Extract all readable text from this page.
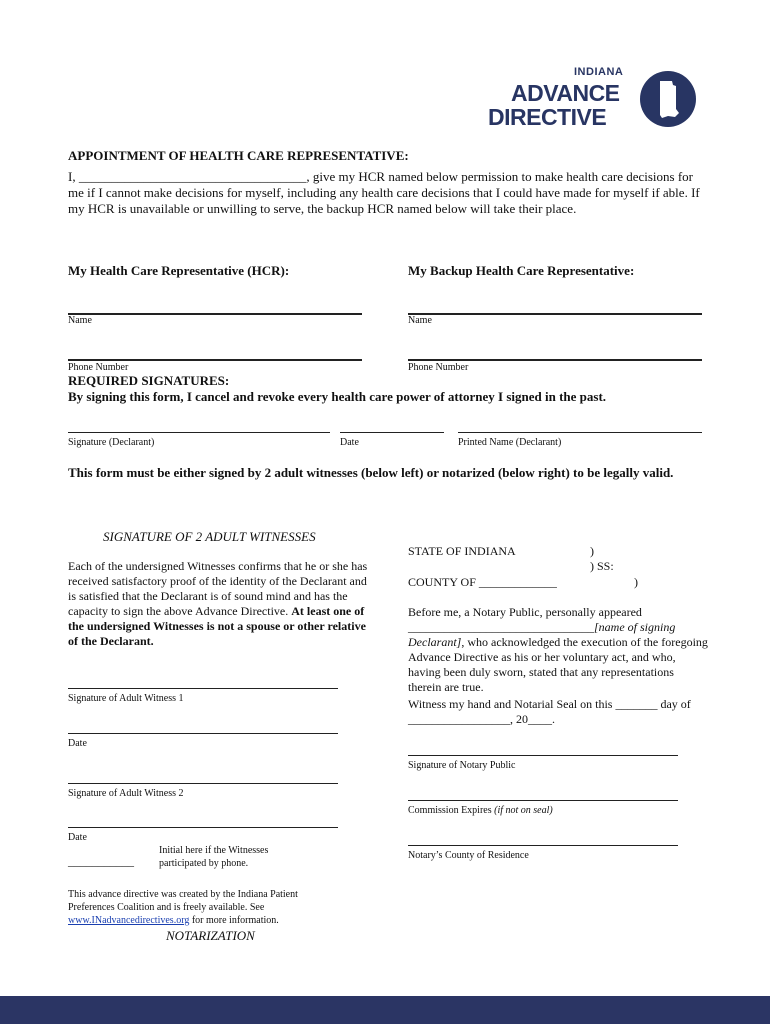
INDIANA
ADVANCE
DIRECTIVE
APPOINTMENT OF HEALTH CARE REPRESENTATIVE:
I, ___________________________________, give my HCR named below permission to make health care decisions for me if I cannot make decisions for myself, including any health care decisions that I could have made for myself if able. If my HCR is unavailable or unwilling to serve, the backup HCR named below will take their place.
My Health Care Representative (HCR):	My Backup Health Care Representative:
Name	Name
Phone Number	Phone Number
REQUIRED SIGNATURES:
By signing this form, I cancel and revoke every health care power of attorney I signed in the past.
Signature (Declarant)	Date	Printed Name (Declarant)
This form must be either signed by 2 adult witnesses (below left) or notarized (below right) to be legally valid.
SIGNATURE OF 2 ADULT WITNESSES
Each of the undersigned Witnesses confirms that he or she has received satisfactory proof of the identity of the Declarant and is satisfied that the Declarant is of sound mind and has the capacity to sign the above Advance Directive. At least one of the undersigned Witnesses is not a spouse or other relative of the Declarant.
Signature of Adult Witness 1
Date
Signature of Adult Witness 2
Date
___________
Initial here if the Witnesses participated by phone.
STATE OF INDIANA	)
) SS:
COUNTY OF _____________	)
Before me, a Notary Public, personally appeared
_______________________________[name of signing Declarant], who acknowledged the execution of the foregoing Advance Directive as his or her voluntary act, and who, having been duly sworn, stated that any representations therein are true.
Witness my hand and Notarial Seal on this _______ day of _________________, 20____.
Signature of Notary Public
Commission Expires (if not on seal)
Notary’s County of Residence
This advance directive was created by the Indiana Patient Preferences Coalition and is freely available. See www.INadvancedirectives.org for more information.
NOTARIZATION
